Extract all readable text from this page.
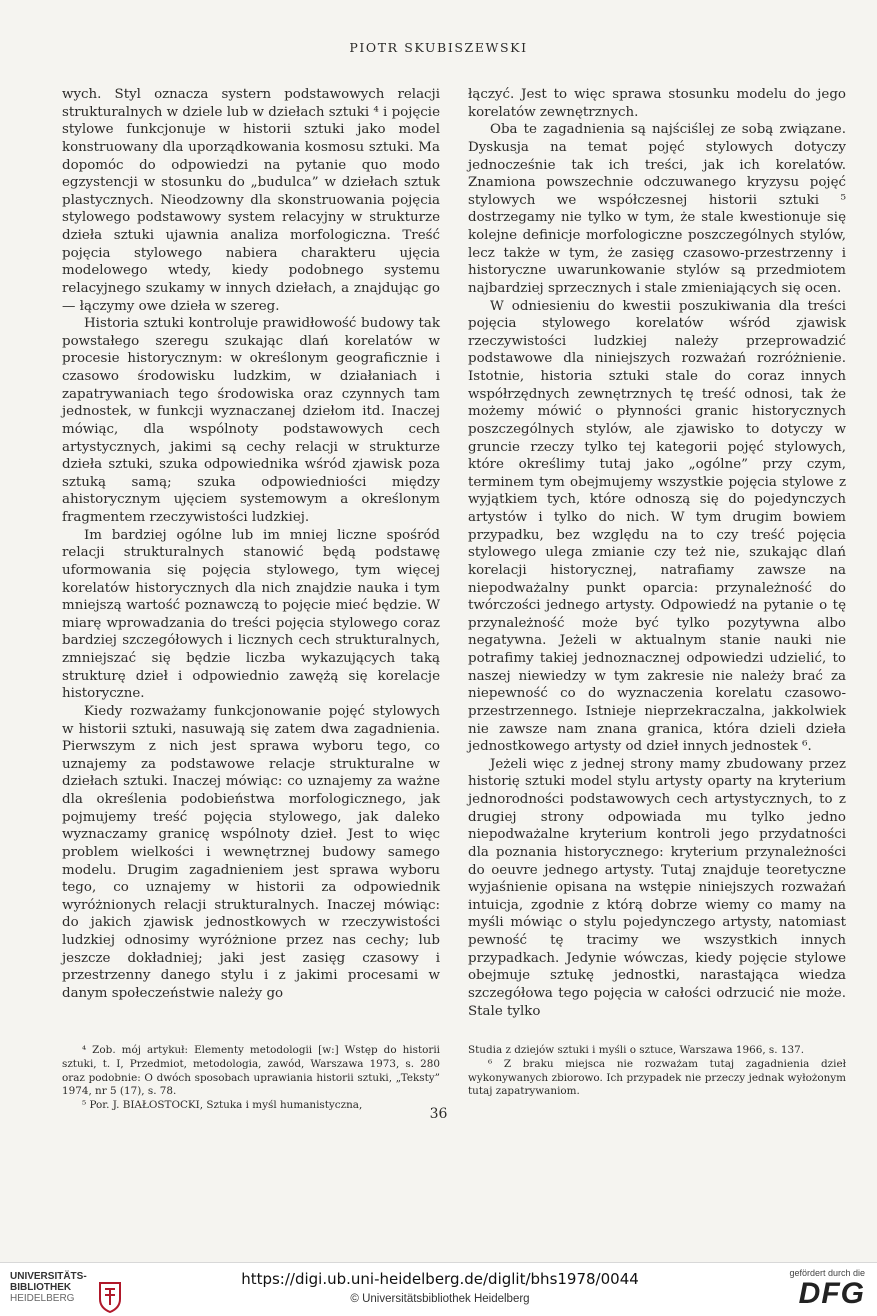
PIOTR SKUBISZEWSKI

wych. Styl oznacza systern podstawowych relacji strukturalnych w dziele lub w dziełach sztuki ⁴ i pojęcie stylowe funkcjonuje w historii sztuki jako model konstruowany dla uporządkowania kosmosu sztuki. Ma dopomóc do odpowiedzi na pytanie quo modo egzystencji w stosunku do „budulca” w dziełach sztuk plastycznych. Nieodzowny dla skonstruowania pojęcia stylowego podstawowy system relacyjny w strukturze dzieła sztuki ujawnia analiza morfologiczna. Treść pojęcia stylowego nabiera charakteru ujęcia modelowego wtedy, kiedy podobnego systemu relacyjnego szukamy w innych dziełach, a znajdując go — łączymy owe dzieła w szereg.

Historia sztuki kontroluje prawidłowość budowy tak powstałego szeregu szukając dlań korelatów w procesie historycznym: w określonym geograficznie i czasowo środowisku ludzkim, w działaniach i zapatrywaniach tego środowiska oraz czynnych tam jednostek, w funkcji wyznaczanej dziełom itd. Inaczej mówiąc, dla wspólnoty podstawowych cech artystycznych, jakimi są cechy relacji w strukturze dzieła sztuki, szuka odpowiednika wśród zjawisk poza sztuką samą; szuka odpowiedniości między ahistorycznym ujęciem systemowym a określonym fragmentem rzeczywistości ludzkiej.

Im bardziej ogólne lub im mniej liczne spośród relacji strukturalnych stanowić będą podstawę uformowania się pojęcia stylowego, tym więcej korelatów historycznych dla nich znajdzie nauka i tym mniejszą wartość poznawczą to pojęcie mieć będzie. W miarę wprowadzania do treści pojęcia stylowego coraz bardziej szczegółowych i licznych cech strukturalnych, zmniejszać się będzie liczba wykazujących taką strukturę dzieł i odpowiednio zawężą się korelacje historyczne.

Kiedy rozważamy funkcjonowanie pojęć stylowych w historii sztuki, nasuwają się zatem dwa zagadnienia. Pierwszym z nich jest sprawa wyboru tego, co uznajemy za podstawowe relacje strukturalne w dziełach sztuki. Inaczej mówiąc: co uznajemy za ważne dla określenia podobieństwa morfologicznego, jak pojmujemy treść pojęcia stylowego, jak daleko wyznaczamy granicę wspólnoty dzieł. Jest to więc problem wielkości i wewnętrznej budowy samego modelu. Drugim zagadnieniem jest sprawa wyboru tego, co uznajemy w historii za odpowiednik wyróżnionych relacji strukturalnych. Inaczej mówiąc: do jakich zjawisk jednostkowych w rzeczywistości ludzkiej odnosimy wyróżnione przez nas cechy; lub jeszcze dokładniej; jaki jest zasięg czasowy i przestrzenny danego stylu i z jakimi procesami w danym społeczeństwie należy go

łączyć. Jest to więc sprawa stosunku modelu do jego korelatów zewnętrznych.

Oba te zagadnienia są najściślej ze sobą związane. Dyskusja na temat pojęć stylowych dotyczy jednocześnie tak ich treści, jak ich korelatów. Znamiona powszechnie odczuwanego kryzysu pojęć stylowych we współczesnej historii sztuki ⁵ dostrzegamy nie tylko w tym, że stale kwestionuje się kolejne definicje morfologiczne poszczególnych stylów, lecz także w tym, że zasięg czasowo-przestrzenny i historyczne uwarunkowanie stylów są przedmiotem najbardziej sprzecznych i stale zmieniających się ocen.

W odniesieniu do kwestii poszukiwania dla treści pojęcia stylowego korelatów wśród zjawisk rzeczywistości ludzkiej należy przeprowadzić podstawowe dla niniejszych rozważań rozróżnienie. Istotnie, historia sztuki stale do coraz innych współrzędnych zewnętrznych tę treść odnosi, tak że możemy mówić o płynności granic historycznych poszczególnych stylów, ale zjawisko to dotyczy w gruncie rzeczy tylko tej kategorii pojęć stylowych, które określimy tutaj jako „ogólne” przy czym, terminem tym obejmujemy wszystkie pojęcia stylowe z wyjątkiem tych, które odnoszą się do pojedynczych artystów i tylko do nich. W tym drugim bowiem przypadku, bez względu na to czy treść pojęcia stylowego ulega zmianie czy też nie, szukając dlań korelacji historycznej, natrafiamy zawsze na niepodważalny punkt oparcia: przynależność do twórczości jednego artysty. Odpowiedź na pytanie o tę przynależność może być tylko pozytywna albo negatywna. Jeżeli w aktualnym stanie nauki nie potrafimy takiej jednoznacznej odpowiedzi udzielić, to naszej niewiedzy w tym zakresie nie należy brać za niepewność co do wyznaczenia korelatu czasowo-przestrzennego. Istnieje nieprzekraczalna, jakkolwiek nie zawsze nam znana granica, która dzieli dzieła jednostkowego artysty od dzieł innych jednostek ⁶.

Jeżeli więc z jednej strony mamy zbudowany przez historię sztuki model stylu artysty oparty na kryterium jednorodności podstawowych cech artystycznych, to z drugiej strony odpowiada mu tylko jedno niepodważalne kryterium kontroli jego przydatności dla poznania historycznego: kryterium przynależności do oeuvre jednego artysty. Tutaj znajduje teoretyczne wyjaśnienie opisana na wstępie niniejszych rozważań intuicja, zgodnie z którą dobrze wiemy co mamy na myśli mówiąc o stylu pojedynczego artysty, natomiast pewność tę tracimy we wszystkich innych przypadkach. Jedynie wówczas, kiedy pojęcie stylowe obejmuje sztukę jednostki, narastająca wiedza szczegółowa tego pojęcia w całości odrzucić nie może. Stale tylko

⁴ Zob. mój artykuł: Elementy metodologii [w:] Wstęp do historii sztuki, t. I, Przedmiot, metodologia, zawód, Warszawa 1973, s. 280 oraz podobnie: O dwóch sposobach uprawiania historii sztuki, „Teksty” 1974, nr 5 (17), s. 78.

⁵ Por. J. BIAŁOSTOCKI, Sztuka i myśl humanistyczna,

Studia z dziejów sztuki i myśli o sztuce, Warszawa 1966, s. 137.

⁶ Z braku miejsca nie rozważam tutaj zagadnienia dzieł wykonywanych zbiorowo. Ich przypadek nie przeczy jednak wyłożonym tutaj zapatrywaniom.

36
UNIVERSITÄTS-
BIBLIOTHEK
HEIDELBERG
https://digi.ub.uni-heidelberg.de/diglit/bhs1978/0044
© Universitätsbibliothek Heidelberg
gefördert durch die
DFG
